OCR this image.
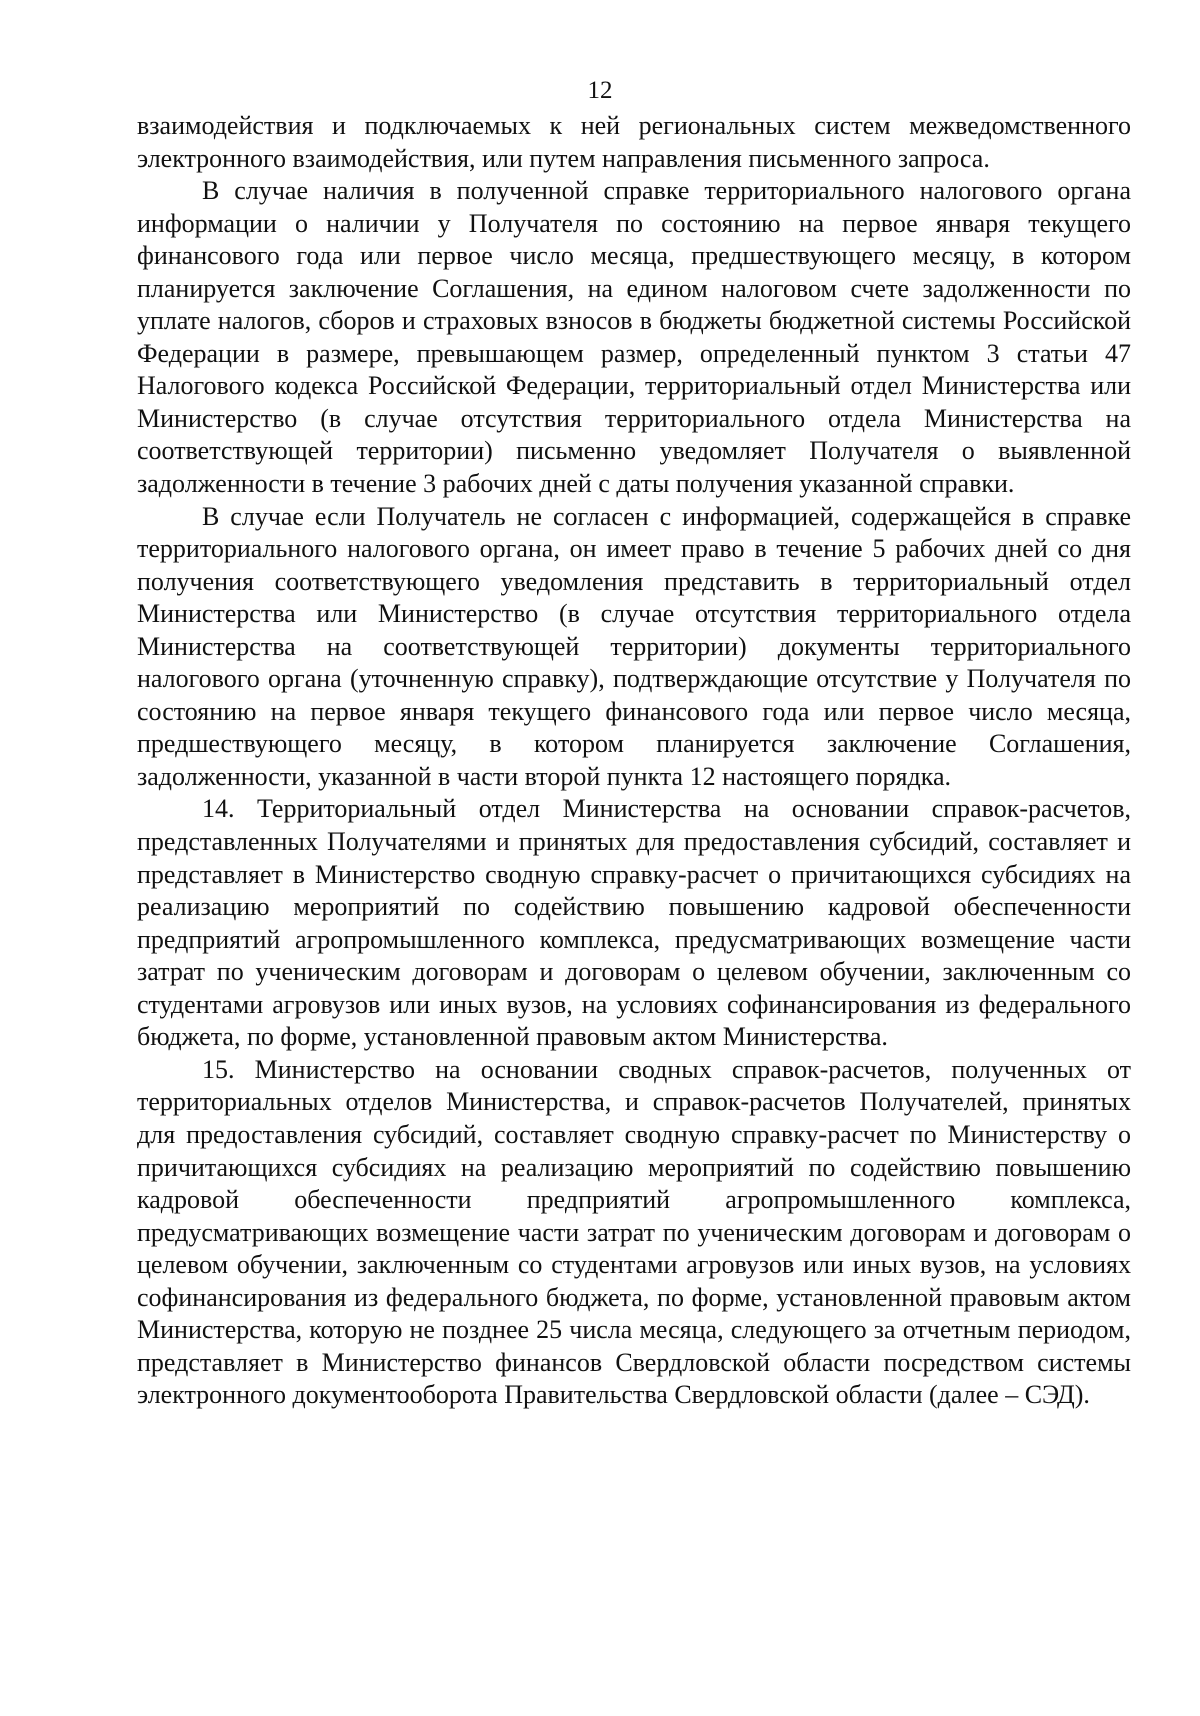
12

взаимодействия и подключаемых к ней региональных систем межведомственного электронного взаимодействия, или путем направления письменного запроса.

В случае наличия в полученной справке территориального налогового органа информации о наличии у Получателя по состоянию на первое января текущего финансового года или первое число месяца, предшествующего месяцу, в котором планируется заключение Соглашения, на едином налоговом счете задолженности по уплате налогов, сборов и страховых взносов в бюджеты бюджетной системы Российской Федерации в размере, превышающем размер, определенный пунктом 3 статьи 47 Налогового кодекса Российской Федерации, территориальный отдел Министерства или Министерство (в случае отсутствия территориального отдела Министерства на соответствующей территории) письменно уведомляет Получателя о выявленной задолженности в течение 3 рабочих дней с даты получения указанной справки.

В случае если Получатель не согласен с информацией, содержащейся в справке территориального налогового органа, он имеет право в течение 5 рабочих дней со дня получения соответствующего уведомления представить в территориальный отдел Министерства или Министерство (в случае отсутствия территориального отдела Министерства на соответствующей территории) документы территориального налогового органа (уточненную справку), подтверждающие отсутствие у Получателя по состоянию на первое января текущего финансового года или первое число месяца, предшествующего месяцу, в котором планируется заключение Соглашения, задолженности, указанной в части второй пункта 12 настоящего порядка.

14. Территориальный отдел Министерства на основании справок-расчетов, представленных Получателями и принятых для предоставления субсидий, составляет и представляет в Министерство сводную справку-расчет о причитающихся субсидиях на реализацию мероприятий по содействию повышению кадровой обеспеченности предприятий агропромышленного комплекса, предусматривающих возмещение части затрат по ученическим договорам и договорам о целевом обучении, заключенным со студентами агровузов или иных вузов, на условиях софинансирования из федерального бюджета, по форме, установленной правовым актом Министерства.

15. Министерство на основании сводных справок-расчетов, полученных от территориальных отделов Министерства, и справок-расчетов Получателей, принятых для предоставления субсидий, составляет сводную справку-расчет по Министерству о причитающихся субсидиях на реализацию мероприятий по содействию повышению кадровой обеспеченности предприятий агропромышленного комплекса, предусматривающих возмещение части затрат по ученическим договорам и договорам о целевом обучении, заключенным со студентами агровузов или иных вузов, на условиях софинансирования из федерального бюджета, по форме, установленной правовым актом Министерства, которую не позднее 25 числа месяца, следующего за отчетным периодом, представляет в Министерство финансов Свердловской области посредством системы электронного документооборота Правительства Свердловской области (далее – СЭД).
